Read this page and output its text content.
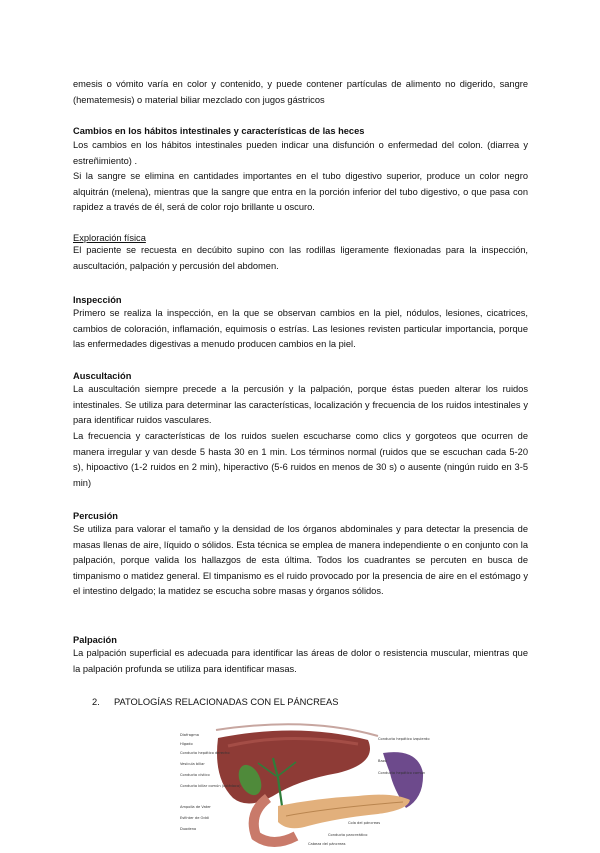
emesis o vómito varía en color y contenido, y puede contener partículas de alimento no digerido, sangre (hematemesis) o material biliar mezclado con jugos gástricos

Cambios en los hábitos intestinales y características de las heces

Los cambios en los hábitos intestinales pueden indicar una disfunción o enfermedad del colon. (diarrea y estreñimiento) .

Si la sangre se elimina en cantidades importantes en el tubo digestivo superior, produce un color negro alquitrán (melena), mientras que la sangre que entra en la porción inferior del tubo digestivo, o que pasa con rapidez a través de él, será de color rojo brillante u oscuro.

Exploración física

El paciente se recuesta en decúbito supino con las rodillas ligeramente flexionadas para la inspección, auscultación, palpación y percusión del abdomen.

Inspección

Primero se realiza la inspección, en la que se observan cambios en la piel, nódulos, lesiones, cicatrices, cambios de coloración, inflamación, equimosis o estrías. Las lesiones revisten particular importancia, porque las enfermedades digestivas a menudo producen cambios en la piel.

Auscultación

La auscultación siempre precede a la percusión y la palpación, porque éstas pueden alterar los ruidos intestinales. Se utiliza para determinar las características, localización y frecuencia de los ruidos intestinales y para identificar ruidos vasculares.

La frecuencia y características de los ruidos suelen escucharse como clics y gorgoteos que ocurren de manera irregular y van desde 5 hasta 30 en 1 min. Los términos normal (ruidos que se escuchan cada 5-20 s), hipoactivo (1-2 ruidos en 2 min), hiperactivo (5-6 ruidos en menos de 30 s) o ausente (ningún ruido en 3-5 min)

Percusión

Se utiliza para valorar el tamaño y la densidad de los órganos abdominales y para detectar la presencia de masas llenas de aire, líquido o sólidos. Esta técnica se emplea de manera independiente o en conjunto con la palpación, porque valida los hallazgos de esta última. Todos los cuadrantes se percuten en busca de timpanismo o matidez general. El timpanismo es el ruido provocado por la presencia de aire en el estómago y el intestino delgado; la matidez se escucha sobre masas y órganos sólidos.

Palpación

La palpación superficial es adecuada para identificar las áreas de dolor o resistencia muscular, mientras que la palpación profunda se utiliza para identificar masas.

2. PATOLOGÍAS RELACIONADAS CON EL PÁNCREAS

Diafragma
Hígado
Conducto hepático derecho
Vesícula biliar
Conducto cístico
Conducto biliar común (colédoco)
Ampolla de Vater
Esfínter de Oddi
Duodeno
Conducto hepático izquierdo
Bazo
Conducto hepático común
Cola del páncreas
Conducto pancreático
Cabeza del páncreas
